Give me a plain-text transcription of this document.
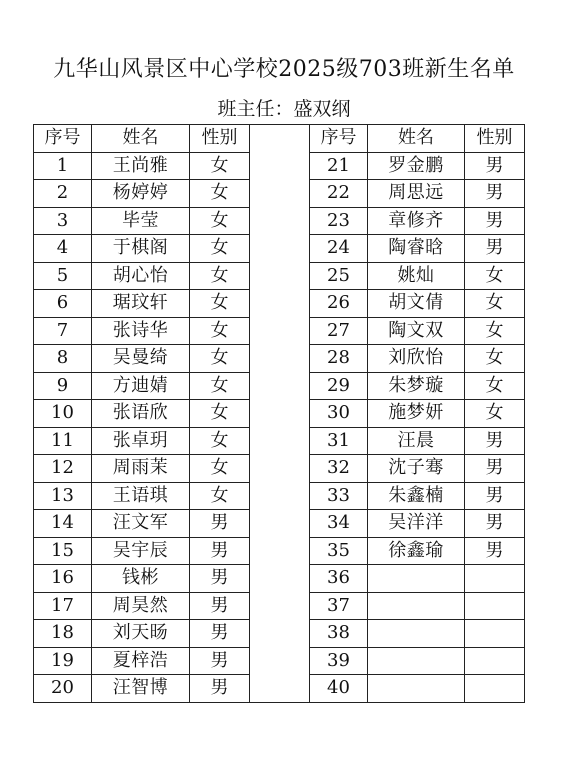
九华山风景区中心学校2025级703班新生名单
班主任：盛双纲
序号	姓名	性别		序号	姓名	性别
1	王尚雅	女		21	罗金鹏	男
2	杨婷婷	女		22	周思远	男
3	毕莹	女		23	章修齐	男
4	于棋阁	女		24	陶睿晗	男
5	胡心怡	女		25	姚灿	女
6	琚玟轩	女		26	胡文倩	女
7	张诗华	女		27	陶文双	女
8	吴曼绮	女		28	刘欣怡	女
9	方迪婧	女		29	朱梦璇	女
10	张语欣	女		30	施梦妍	女
11	张卓玥	女		31	汪晨	男
12	周雨茉	女		32	沈子骞	男
13	王语琪	女		33	朱鑫楠	男
14	汪文军	男		34	吴洋洋	男
15	吴宇辰	男		35	徐鑫瑜	男
16	钱彬	男		36		
17	周昊然	男		37		
18	刘天旸	男		38		
19	夏梓浩	男		39		
20	汪智博	男		40		
